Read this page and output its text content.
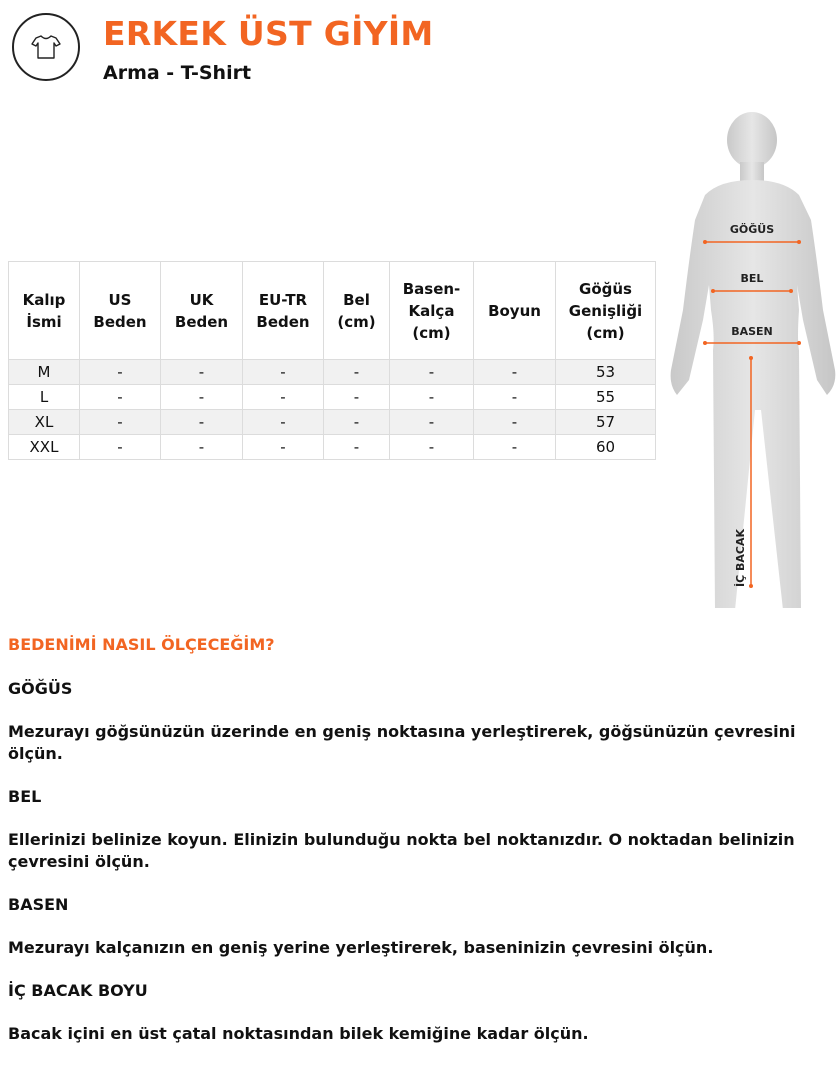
ERKEK ÜST GİYİM
Arma - T-Shirt
Kalıp İsmi	US Beden	UK Beden	EU-TR Beden	Bel (cm)	Basen-Kalça (cm)	Boyun	Göğüs Genişliği (cm)
M	-	-	-	-	-	-	53
L	-	-	-	-	-	-	55
XL	-	-	-	-	-	-	57
XXL	-	-	-	-	-	-	60
GÖĞÜS
BEL
BASEN
İÇ BACAK
BEDENİMİ NASIL ÖLÇECEĞİM?
GÖĞÜS
Mezurayı göğsünüzün üzerinde en geniş noktasına yerleştirerek, göğsünüzün çevresini ölçün.
BEL
Ellerinizi belinize koyun. Elinizin bulunduğu nokta bel noktanızdır. O noktadan belinizin çevresini ölçün.
BASEN
Mezurayı kalçanızın en geniş yerine yerleştirerek, baseninizin çevresini ölçün.
İÇ BACAK BOYU
Bacak içini en üst çatal noktasından bilek kemiğine kadar ölçün.
